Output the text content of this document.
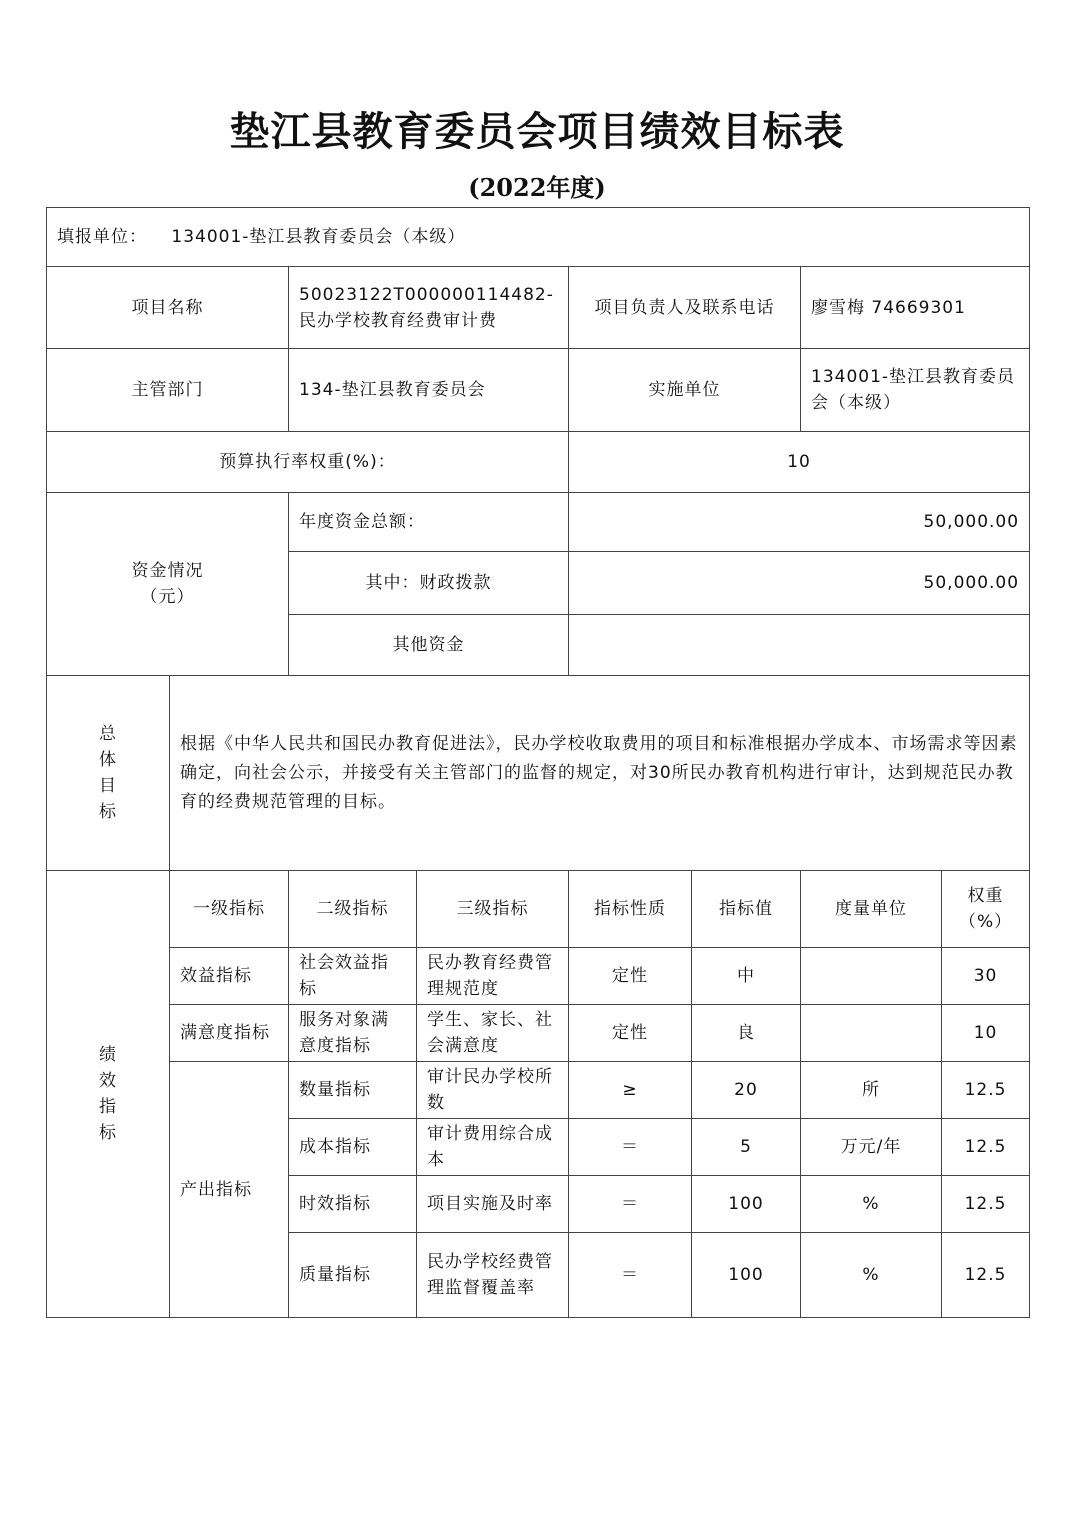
垫江县教育委员会项目绩效目标表
(2022年度)
填报单位： 134001-垫江县教育委员会（本级）							
项目名称		50023122T000000114482-民办学校教育经费审计费		项目负责人及联系电话		廖雪梅 74669301	
主管部门		134-垫江县教育委员会		实施单位		134001-垫江县教育委员会（本级）	
预算执行率权重(%)：				10			

资金情况
（元）		年度资金总额：		50,000.00			
		其中：财政拨款		50,000.00			
		其他资金					

总
体
目
标	根据《中华人民共和国民办教育促进法》，民办学校收取费用的项目和标准根据办学成本、市场需求等因素确定，向社会公示，并接受有关主管部门的监督的规定，对30所民办教育机构进行审计，达到规范民办教育的经费规范管理的目标。						

绩
效
指
标	一级指标	二级指标	三级指标	指标性质	指标值	度量单位	权重（%）
	效益指标	社会效益指标	民办教育经费管理规范度	定性	中		30
	满意度指标	服务对象满意度指标	学生、家长、社会满意度	定性	良		10
	产出指标	数量指标	审计民办学校所数	≥	20	所	12.5
		成本指标	审计费用综合成本	＝	5	万元/年	12.5
		时效指标	项目实施及时率	＝	100	%	12.5
		质量指标	民办学校经费管理监督覆盖率	＝	100	%	12.5
